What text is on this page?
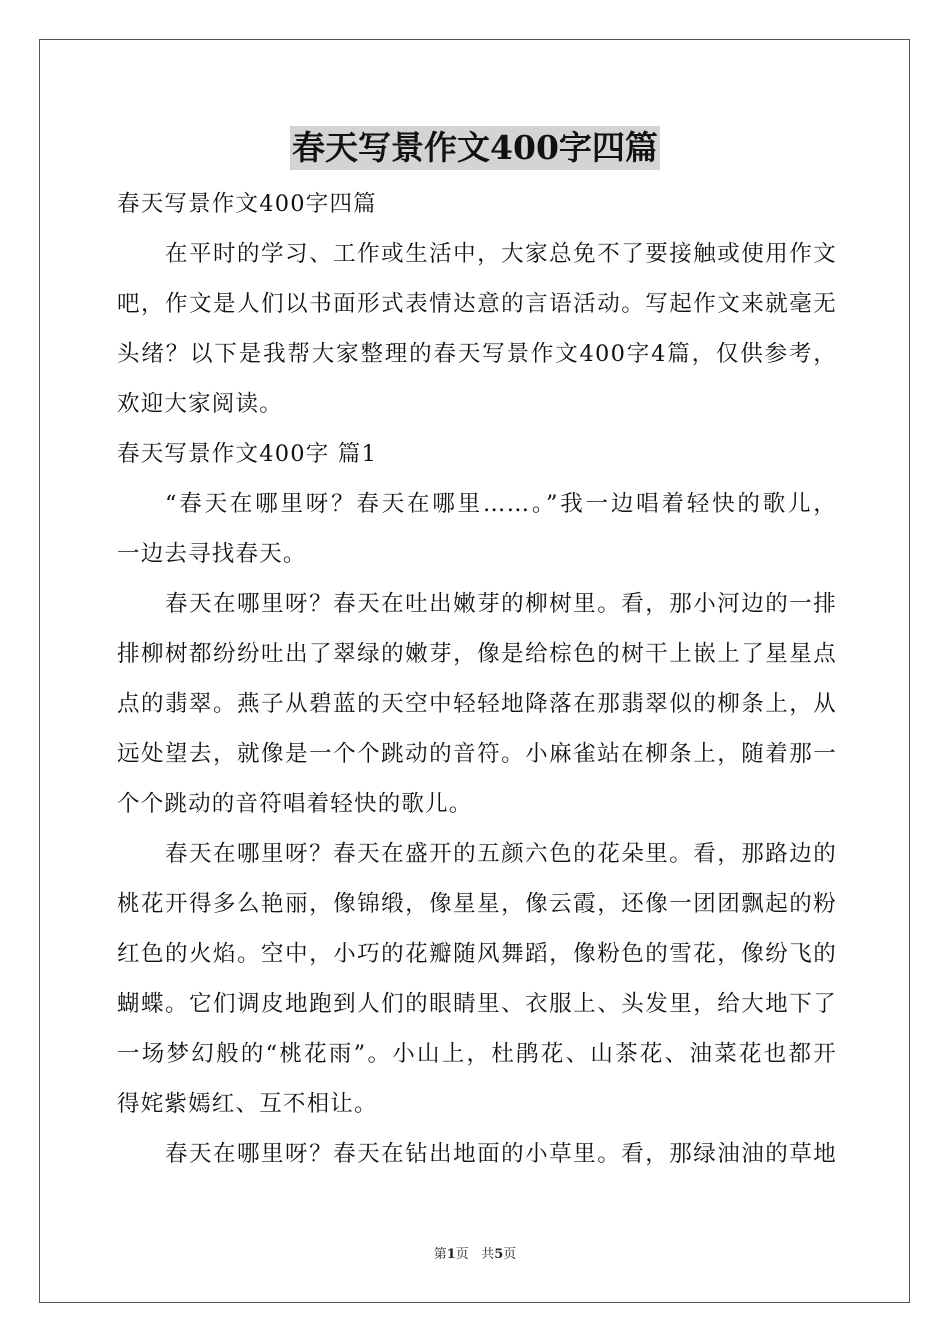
春天写景作文400字四篇
春天写景作文400字四篇
在平时的学习、工作或生活中，大家总免不了要接触或使用作文
吧，作文是人们以书面形式表情达意的言语活动。写起作文来就毫无
头绪？以下是我帮大家整理的春天写景作文400字4篇，仅供参考，
欢迎大家阅读。
春天写景作文400字 篇1
“春天在哪里呀？春天在哪里……。”我一边唱着轻快的歌儿，
一边去寻找春天。
春天在哪里呀？春天在吐出嫩芽的柳树里。看，那小河边的一排
排柳树都纷纷吐出了翠绿的嫩芽，像是给棕色的树干上嵌上了星星点
点的翡翠。燕子从碧蓝的天空中轻轻地降落在那翡翠似的柳条上，从
远处望去，就像是一个个跳动的音符。小麻雀站在柳条上，随着那一
个个跳动的音符唱着轻快的歌儿。
春天在哪里呀？春天在盛开的五颜六色的花朵里。看，那路边的
桃花开得多么艳丽，像锦缎，像星星，像云霞，还像一团团飘起的粉
红色的火焰。空中，小巧的花瓣随风舞蹈，像粉色的雪花，像纷飞的
蝴蝶。它们调皮地跑到人们的眼睛里、衣服上、头发里，给大地下了
一场梦幻般的“桃花雨”。小山上，杜鹃花、山茶花、油菜花也都开
得姹紫嫣红、互不相让。
春天在哪里呀？春天在钻出地面的小草里。看，那绿油油的草地
第1页 共5页
